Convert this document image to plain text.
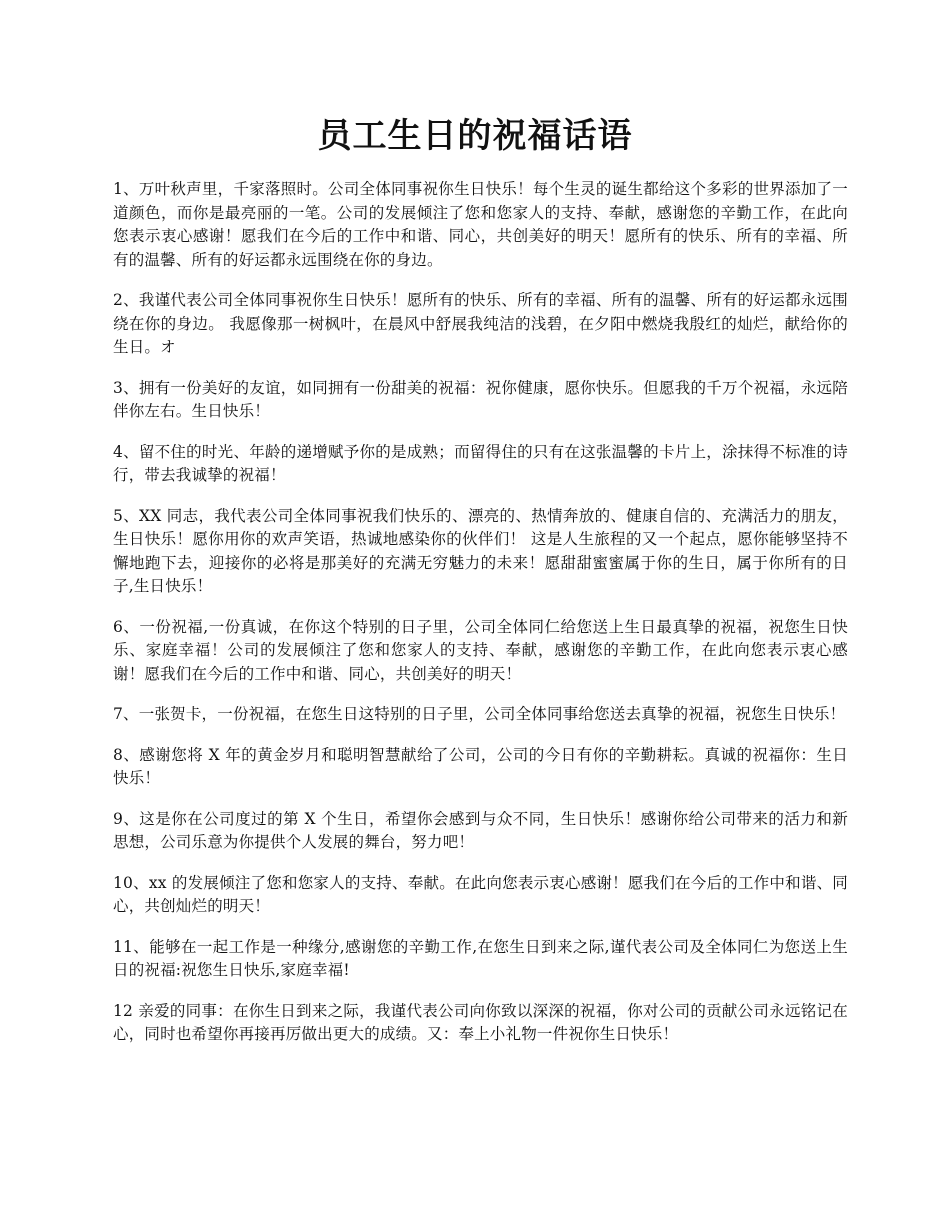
员工生日的祝福话语

1、万叶秋声里，千家落照时。公司全体同事祝你生日快乐！每个生灵的诞生都给这个多彩的世界添加了一道颜色，而你是最亮丽的一笔。公司的发展倾注了您和您家人的支持、奉献，感谢您的辛勤工作，在此向您表示衷心感谢！愿我们在今后的工作中和谐、同心，共创美好的明天！愿所有的快乐、所有的幸福、所有的温馨、所有的好运都永远围绕在你的身边。

2、我谨代表公司全体同事祝你生日快乐！愿所有的快乐、所有的幸福、所有的温馨、所有的好运都永远围绕在你的身边。 我愿像那一树枫叶，在晨风中舒展我纯洁的浅碧，在夕阳中燃烧我殷红的灿烂，献给你的生日。オ

3、拥有一份美好的友谊，如同拥有一份甜美的祝福：祝你健康，愿你快乐。但愿我的千万个祝福，永远陪伴你左右。生日快乐！

4、留不住的时光、年龄的递增赋予你的是成熟；而留得住的只有在这张温馨的卡片上，涂抹得不标准的诗行，带去我诚挚的祝福！

5、XX 同志，我代表公司全体同事祝我们快乐的、漂亮的、热情奔放的、健康自信的、充满活力的朋友，生日快乐！愿你用你的欢声笑语，热诚地感染你的伙伴们！ 这是人生旅程的又一个起点，愿你能够坚持不懈地跑下去，迎接你的必将是那美好的充满无穷魅力的未来！愿甜甜蜜蜜属于你的生日，属于你所有的日子,生日快乐！

6、一份祝福,一份真诚，在你这个特别的日子里，公司全体同仁给您送上生日最真挚的祝福，祝您生日快乐、家庭幸福！公司的发展倾注了您和您家人的支持、奉献，感谢您的辛勤工作，在此向您表示衷心感谢！愿我们在今后的工作中和谐、同心，共创美好的明天！

7、一张贺卡，一份祝福，在您生日这特别的日子里，公司全体同事给您送去真挚的祝福，祝您生日快乐！

8、感谢您将 X 年的黄金岁月和聪明智慧献给了公司，公司的今日有你的辛勤耕耘。真诚的祝福你：生日快乐！

9、这是你在公司度过的第 X 个生日，希望你会感到与众不同，生日快乐！感谢你给公司带来的活力和新思想，公司乐意为你提供个人发展的舞台，努力吧！

10、xx 的发展倾注了您和您家人的支持、奉献。在此向您表示衷心感谢！愿我们在今后的工作中和谐、同心，共创灿烂的明天！

11、能够在一起工作是一种缘分,感谢您的辛勤工作,在您生日到来之际,谨代表公司及全体同仁为您送上生日的祝福:祝您生日快乐,家庭幸福!

12 亲爱的同事：在你生日到来之际，我谨代表公司向你致以深深的祝福，你对公司的贡献公司永远铭记在心，同时也希望你再接再厉做出更大的成绩。又：奉上小礼物一件祝你生日快乐！
